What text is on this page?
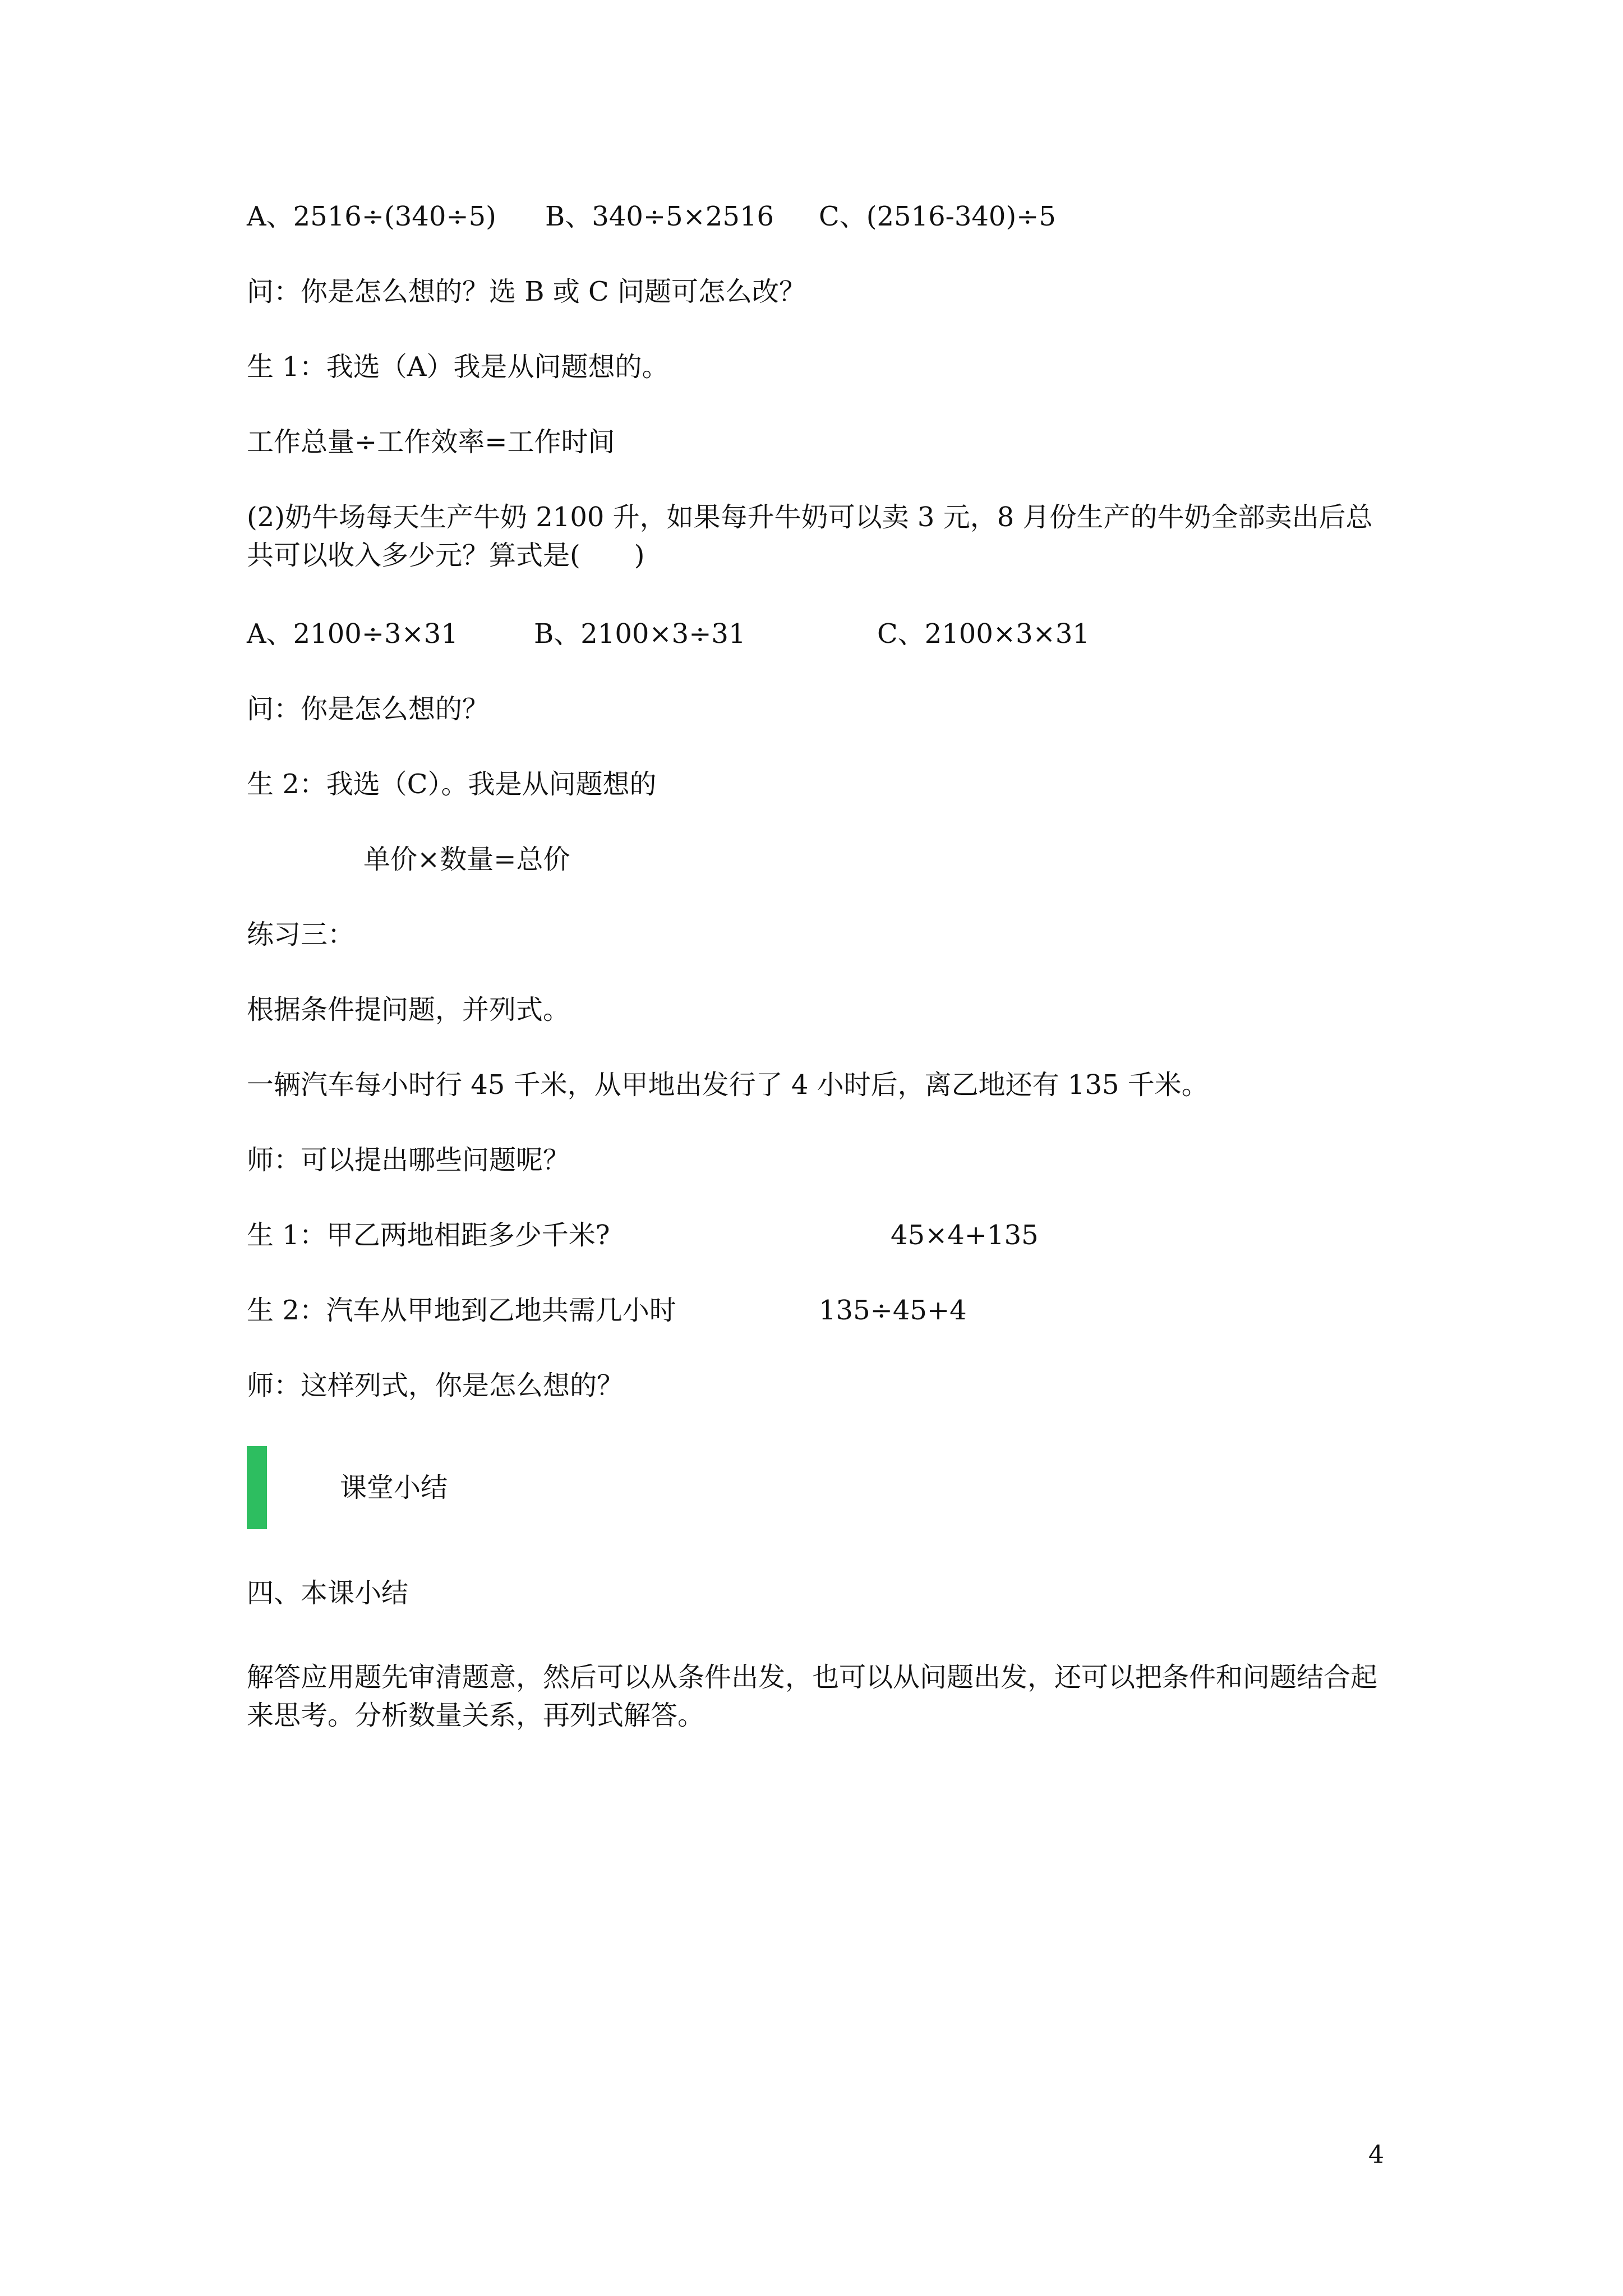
A、2516÷(340÷5) B、340÷5×2516 C、(2516-340)÷5
问：你是怎么想的？选 B 或 C 问题可怎么改？
生 1：我选（A）我是从问题想的。
工作总量÷工作效率=工作时间
(2)奶牛场每天生产牛奶 2100 升，如果每升牛奶可以卖 3 元，8 月份生产的牛奶全部卖出后总共可以收入多少元？算式是(　　)
A、2100÷3×31	B、2100×3÷31	C、2100×3×31
问：你是怎么想的？
生 2：我选（C）。我是从问题想的
单价×数量=总价
练习三：
根据条件提问题，并列式。
一辆汽车每小时行 45 千米，从甲地出发行了 4 小时后，离乙地还有 135 千米。
师：可以提出哪些问题呢？
生 1：甲乙两地相距多少千米?	45×4+135
生 2：汽车从甲地到乙地共需几小时	135÷45+4
师：这样列式，你是怎么想的？
课堂小结
四、本课小结
解答应用题先审清题意，然后可以从条件出发，也可以从问题出发，还可以把条件和问题结合起来思考。分析数量关系，再列式解答。
4
